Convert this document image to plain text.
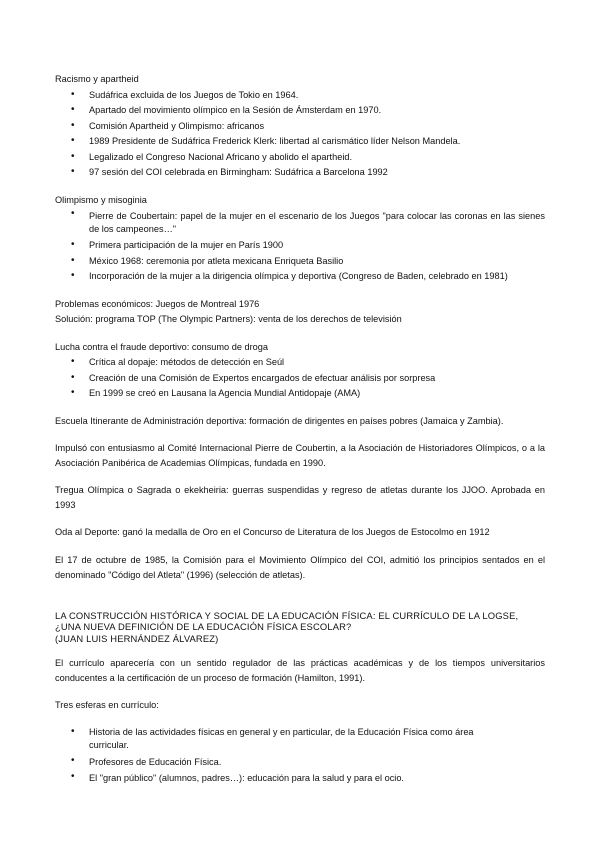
Racismo y apartheid

• Sudáfrica excluida de los Juegos de Tokio en 1964.
• Apartado del movimiento olímpico en la Sesión de Ámsterdam en 1970.
• Comisión Apartheid y Olimpismo: africanos
• 1989 Presidente de Sudáfrica Frederick Klerk: libertad al carismático líder Nelson Mandela.
• Legalizado el Congreso Nacional Africano y abolido el apartheid.
• 97 sesión del COI celebrada en Birmingham: Sudáfrica a Barcelona 1992

Olimpismo y misoginia

• Pierre de Coubertain: papel de la mujer en el escenario de los Juegos "para colocar las coronas en las sienes de los campeones…"
• Primera participación de la mujer en París 1900
• México 1968: ceremonia por atleta mexicana Enriqueta Basilio
• Incorporación de la mujer a la dirigencia olímpica y deportiva (Congreso de Baden, celebrado en 1981)

Problemas económicos: Juegos de Montreal 1976

Solución: programa TOP (The Olympic Partners): venta de los derechos de televisión

Lucha contra el fraude deportivo: consumo de droga

• Crítica al dopaje: métodos de detección en Seúl
• Creación de una Comisión de Expertos encargados de efectuar análisis por sorpresa
• En 1999 se creó en Lausana la Agencia Mundial Antidopaje (AMA)

Escuela Itinerante de Administración deportiva: formación de dirigentes en países pobres (Jamaica y Zambia).

Impulsó con entusiasmo al Comité Internacional Pierre de Coubertin, a la Asociación de Historiadores Olímpicos, o a la Asociación Panibérica de Academias Olímpicas, fundada en 1990.

Tregua Olímpica o Sagrada o ekekheiria: guerras suspendidas y regreso de atletas durante los JJOO. Aprobada en 1993

Oda al Deporte: ganó la medalla de Oro en el Concurso de Literatura de los Juegos de Estocolmo en 1912

El 17 de octubre de 1985, la Comisión para el Movimiento Olímpico del COI, admitió los principios sentados en el denominado "Código del Atleta" (1996) (selección de atletas).

LA CONSTRUCCIÓN HISTÓRICA Y SOCIAL DE LA EDUCACIÓN FÍSICA: EL CURRÍCULO DE LA LOGSE,

¿UNA NUEVA DEFINICIÓN DE LA EDUCACIÓN FÍSICA ESCOLAR?

(JUAN LUIS HERNÁNDEZ ÁLVAREZ)

El currículo aparecería con un sentido regulador de las prácticas académicas y de los tiempos universitarios conducentes a la certificación de un proceso de formación (Hamilton, 1991).

Tres esferas en currículo:

• Historia de las actividades físicas en general y en particular, de la Educación Física como área curricular.
• Profesores de Educación Física.
• El "gran público" (alumnos, padres…): educación para la salud y para el ocio.
